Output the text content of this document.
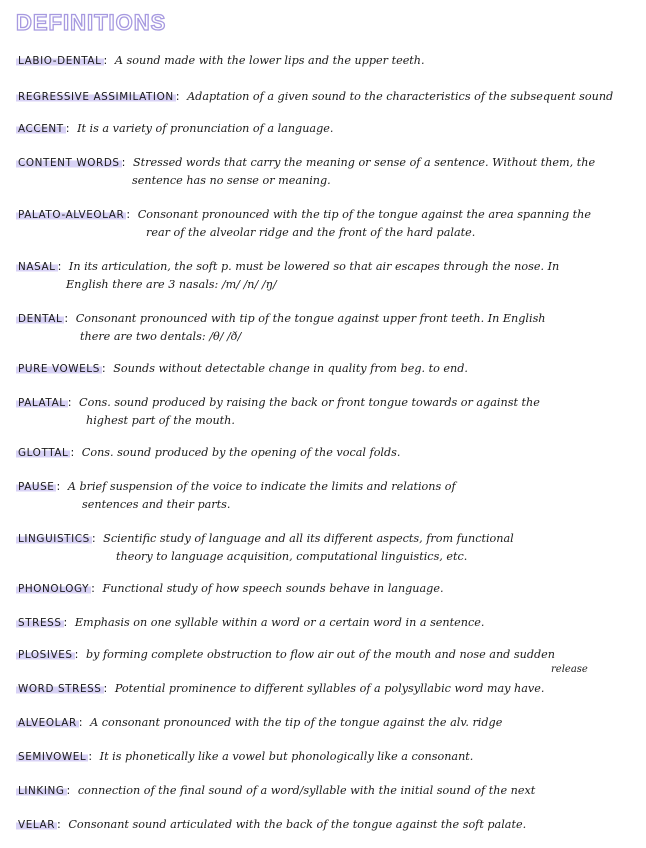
DEFINITIONS
LABIO-DENTAL : A sound made with the lower lips and the upper teeth.
REGRESSIVE ASSIMILATION : Adaptation of a given sound to the characteristics of the subsequent sound
ACCENT : It is a variety of pronunciation of a language.
CONTENT WORDS : Stressed words that carry the meaning or sense of a sentence. Without them, the
sentence has no sense or meaning.
PALATO-ALVEOLAR : Consonant pronounced with the tip of the tongue against the area spanning the
rear of the alveolar ridge and the front of the hard palate.
NASAL : In its articulation, the soft p. must be lowered so that air escapes through the nose. In
English there are 3 nasals: /m/ /n/ /ŋ/
DENTAL : Consonant pronounced with tip of the tongue against upper front teeth. In English
there are two dentals: /θ/ /ð/
PURE VOWELS : Sounds without detectable change in quality from beg. to end.
PALATAL : Cons. sound produced by raising the back or front tongue towards or against the
highest part of the mouth.
GLOTTAL : Cons. sound produced by the opening of the vocal folds.
PAUSE : A brief suspension of the voice to indicate the limits and relations of
sentences and their parts.
LINGUISTICS : Scientific study of language and all its different aspects, from functional
theory to language acquisition, computational linguistics, etc.
PHONOLOGY : Functional study of how speech sounds behave in language.
STRESS : Emphasis on one syllable within a word or a certain word in a sentence.
PLOSIVES : by forming complete obstruction to flow air out of the mouth and nose and sudden
release
WORD STRESS : Potential prominence to different syllables of a polysyllabic word may have.
ALVEOLAR : A consonant pronounced with the tip of the tongue against the alv. ridge
SEMIVOWEL : It is phonetically like a vowel but phonologically like a consonant.
LINKING : connection of the final sound of a word/syllable with the initial sound of the next
VELAR : Consonant sound articulated with the back of the tongue against the soft palate.
